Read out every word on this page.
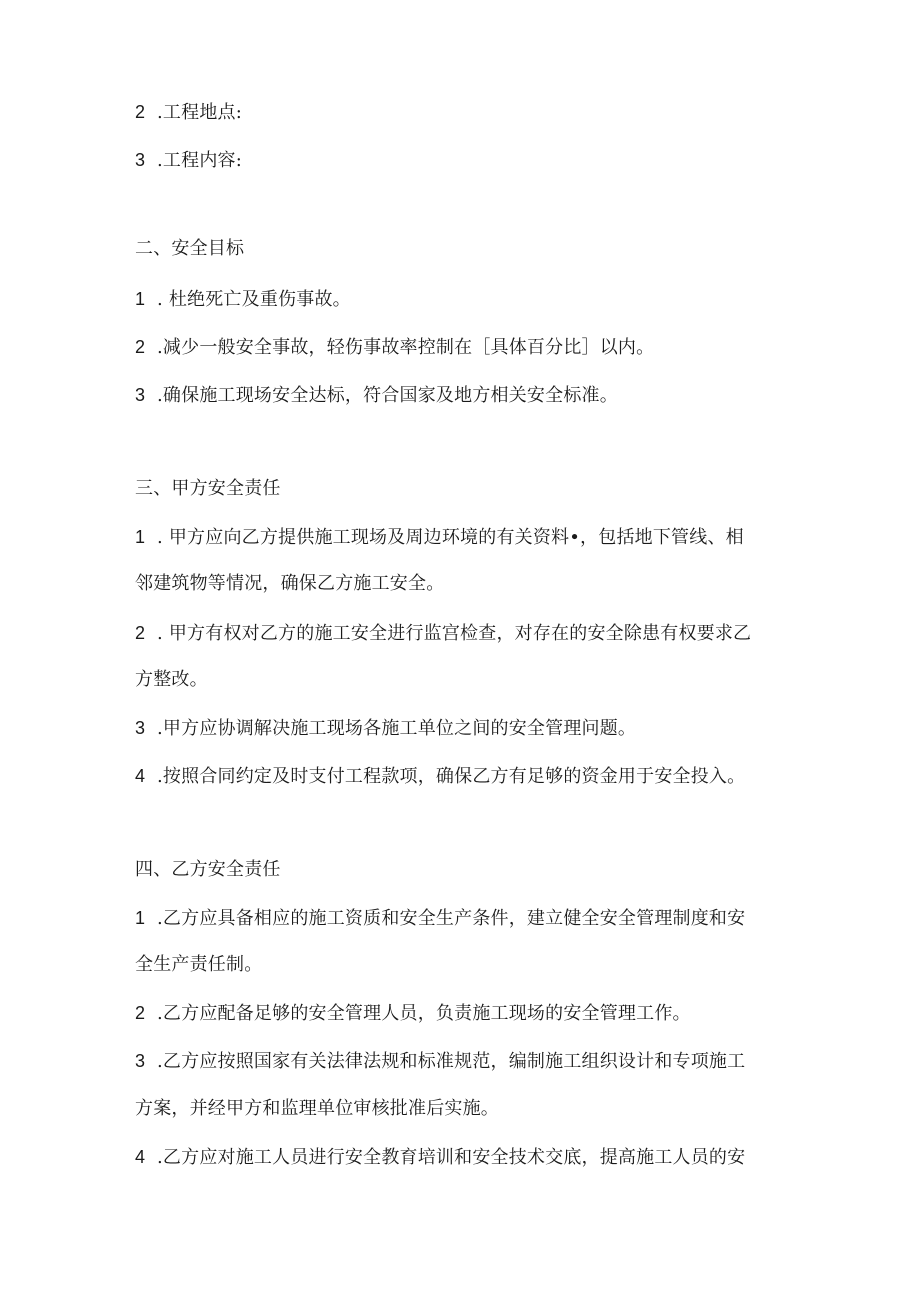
2 .工程地点:
3 .工程内容:
二、安全目标
1 . 杜绝死亡及重伤事故。
2 .减少一般安全事故，轻伤事故率控制在［具体百分比］以内。
3 .确保施工现场安全达标，符合国家及地方相关安全标准。
三、甲方安全责任
1 . 甲方应向乙方提供施工现场及周边环境的有关资料•，包括地下管线、相
邻建筑物等情况，确保乙方施工安全。
2 . 甲方有权对乙方的施工安全进行监宫检查，对存在的安全除患有权要求乙
方整改。
3 .甲方应协调解决施工现场各施工单位之间的安全管理问题。
4 .按照合同约定及时支付工程款项，确保乙方有足够的资金用于安全投入。
四、乙方安全责任
1 .乙方应具备相应的施工资质和安全生产条件，建立健全安全管理制度和安
全生产责任制。
2 .乙方应配备足够的安全管理人员，负责施工现场的安全管理工作。
3 .乙方应按照国家有关法律法规和标准规范，编制施工组织设计和专项施工
方案，并经甲方和监理单位审核批准后实施。
4 .乙方应对施工人员进行安全教育培训和安全技术交底，提高施工人员的安
